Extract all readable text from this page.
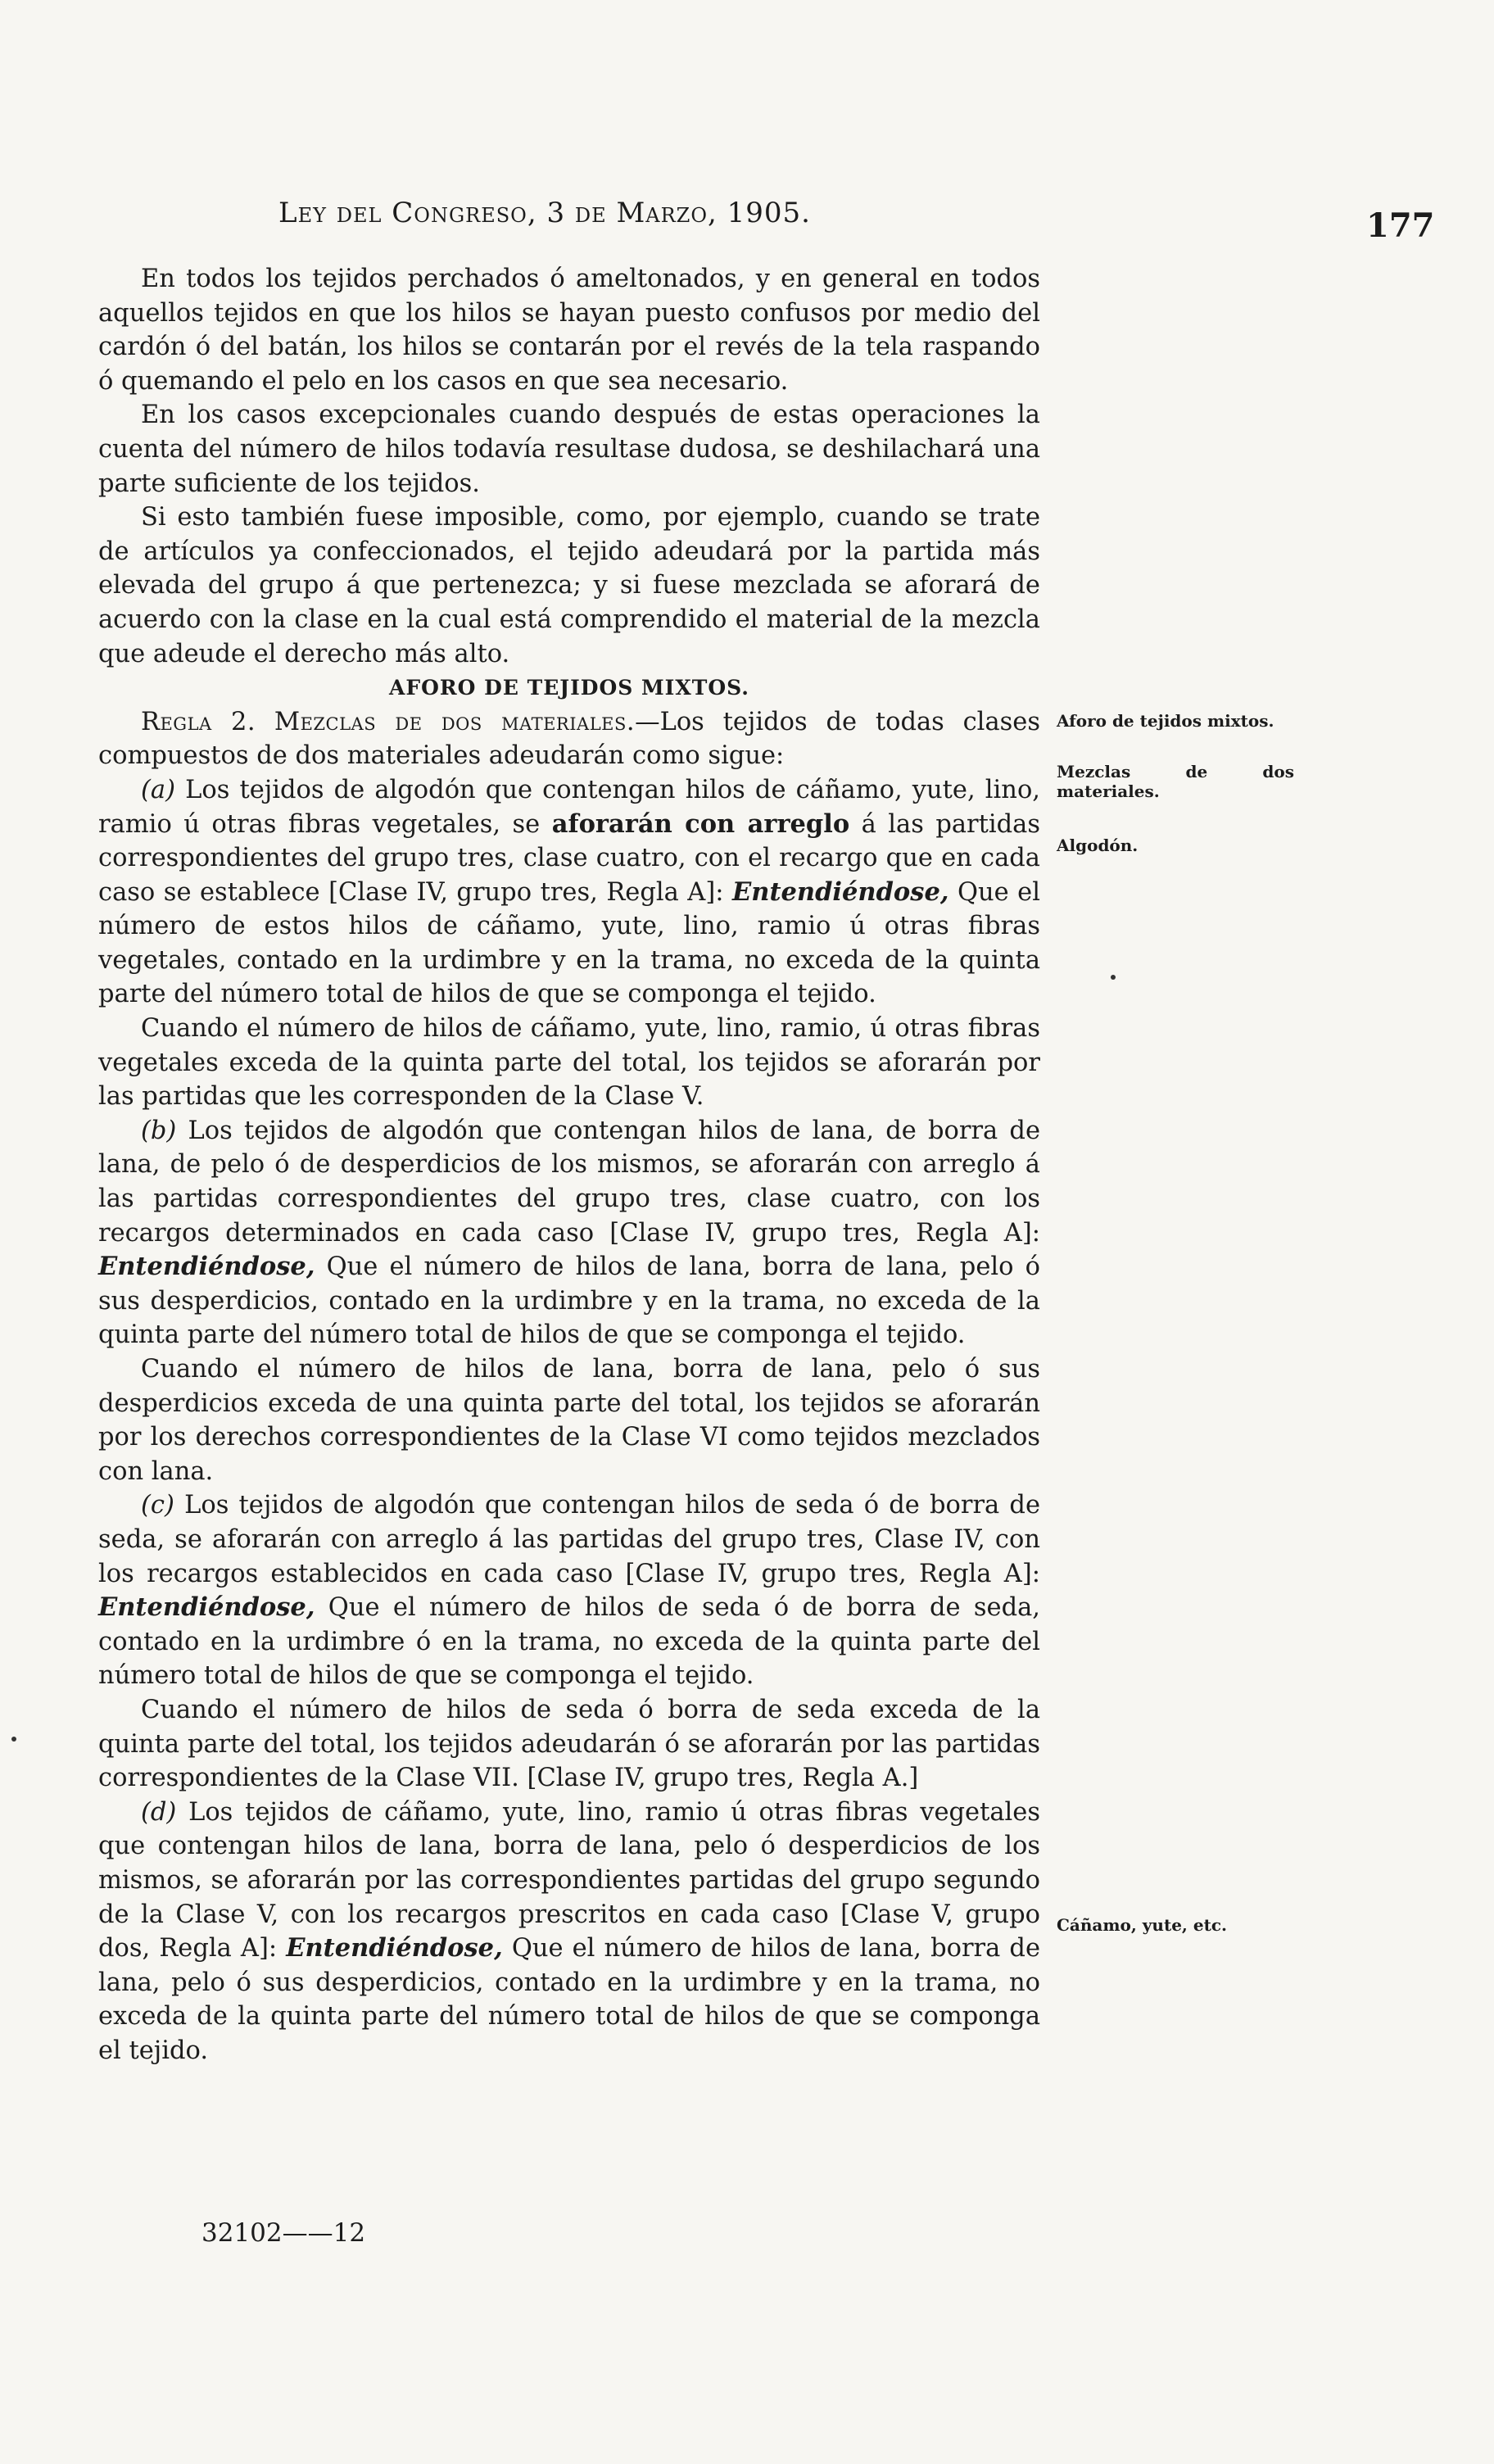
Ley del Congreso, 3 de Marzo, 1905.	177

En todos los tejidos perchados ó ameltonados, y en general en todos aquellos tejidos en que los hilos se hayan puesto confusos por medio del cardón ó del batán, los hilos se contarán por el revés de la tela raspando ó quemando el pelo en los casos en que sea necesario.

En los casos excepcionales cuando después de estas operaciones la cuenta del número de hilos todavía resultase dudosa, se deshilachará una parte suficiente de los tejidos.

Si esto también fuese imposible, como, por ejemplo, cuando se trate de artículos ya confeccionados, el tejido adeudará por la partida más elevada del grupo á que pertenezca; y si fuese mezclada se aforará de acuerdo con la clase en la cual está comprendido el material de la mezcla que adeude el derecho más alto.

AFORO DE TEJIDOS MIXTOS.

Regla 2. Mezclas de dos materiales.—Los tejidos de todas clases compuestos de dos materiales adeudarán como sigue:

(a) Los tejidos de algodón que contengan hilos de cáñamo, yute, lino, ramio ú otras fibras vegetales, se aforarán con arreglo á las partidas correspondientes del grupo tres, clase cuatro, con el recargo que en cada caso se establece [Clase IV, grupo tres, Regla A]: Entendiéndose, Que el número de estos hilos de cáñamo, yute, lino, ramio ú otras fibras vegetales, contado en la urdimbre y en la trama, no exceda de la quinta parte del número total de hilos de que se componga el tejido.

Cuando el número de hilos de cáñamo, yute, lino, ramio, ú otras fibras vegetales exceda de la quinta parte del total, los tejidos se aforarán por las partidas que les corresponden de la Clase V.

(b) Los tejidos de algodón que contengan hilos de lana, de borra de lana, de pelo ó de desperdicios de los mismos, se aforarán con arreglo á las partidas correspondientes del grupo tres, clase cuatro, con los recargos determinados en cada caso [Clase IV, grupo tres, Regla A]: Entendiéndose, Que el número de hilos de lana, borra de lana, pelo ó sus desperdicios, contado en la urdimbre y en la trama, no exceda de la quinta parte del número total de hilos de que se componga el tejido.

Cuando el número de hilos de lana, borra de lana, pelo ó sus desperdicios exceda de una quinta parte del total, los tejidos se aforarán por los derechos correspondientes de la Clase VI como tejidos mezclados con lana.

(c) Los tejidos de algodón que contengan hilos de seda ó de borra de seda, se aforarán con arreglo á las partidas del grupo tres, Clase IV, con los recargos establecidos en cada caso [Clase IV, grupo tres, Regla A]: Entendiéndose, Que el número de hilos de seda ó de borra de seda, contado en la urdimbre ó en la trama, no exceda de la quinta parte del número total de hilos de que se componga el tejido.

Cuando el número de hilos de seda ó borra de seda exceda de la quinta parte del total, los tejidos adeudarán ó se aforarán por las partidas correspondientes de la Clase VII. [Clase IV, grupo tres, Regla A.]

(d) Los tejidos de cáñamo, yute, lino, ramio ú otras fibras vegetales que contengan hilos de lana, borra de lana, pelo ó desperdicios de los mismos, se aforarán por las correspondientes partidas del grupo segundo de la Clase V, con los recargos prescritos en cada caso [Clase V, grupo dos, Regla A]: Entendiéndose, Que el número de hilos de lana, borra de lana, pelo ó sus desperdicios, contado en la urdimbre y en la trama, no exceda de la quinta parte del número total de hilos de que se componga el tejido.

Aforo de tejidos mixtos.
Mezclas de dos materiales.
Algodón.
Cáñamo, yute, etc.
32102——12
